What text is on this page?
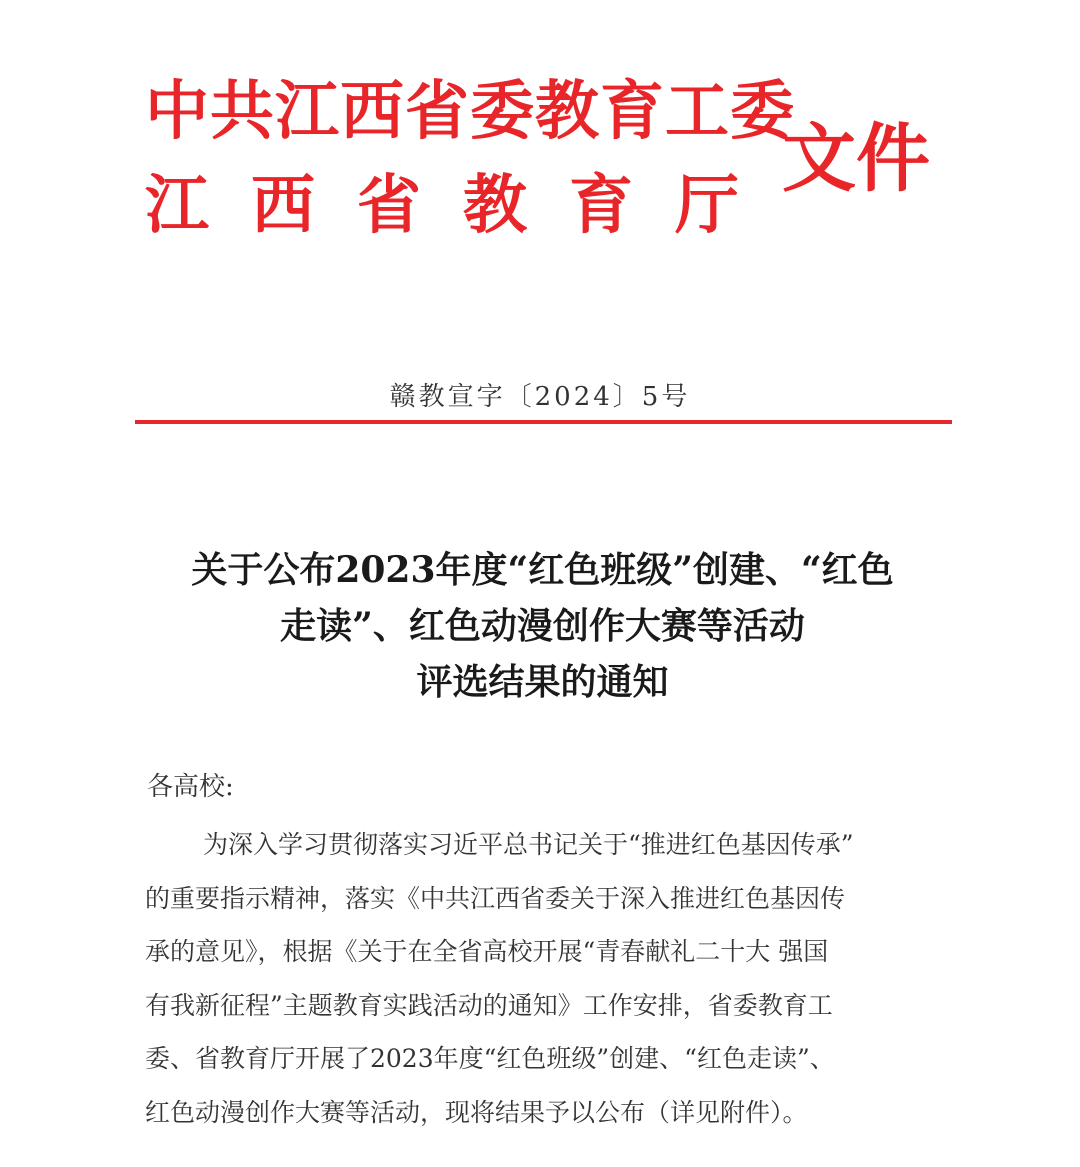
中共江西省委教育工委
江西省教育厅
文件
赣教宣字〔2024〕5号
关于公布2023年度“红色班级”创建、“红色
走读”、红色动漫创作大赛等活动
评选结果的通知
各高校:
为深入学习贯彻落实习近平总书记关于“推进红色基因传承”
的重要指示精神，落实《中共江西省委关于深入推进红色基因传
承的意见》，根据《关于在全省高校开展“青春献礼二十大 强国
有我新征程”主题教育实践活动的通知》工作安排，省委教育工
委、省教育厅开展了2023年度“红色班级”创建、“红色走读”、
红色动漫创作大赛等活动，现将结果予以公布（详见附件）。
